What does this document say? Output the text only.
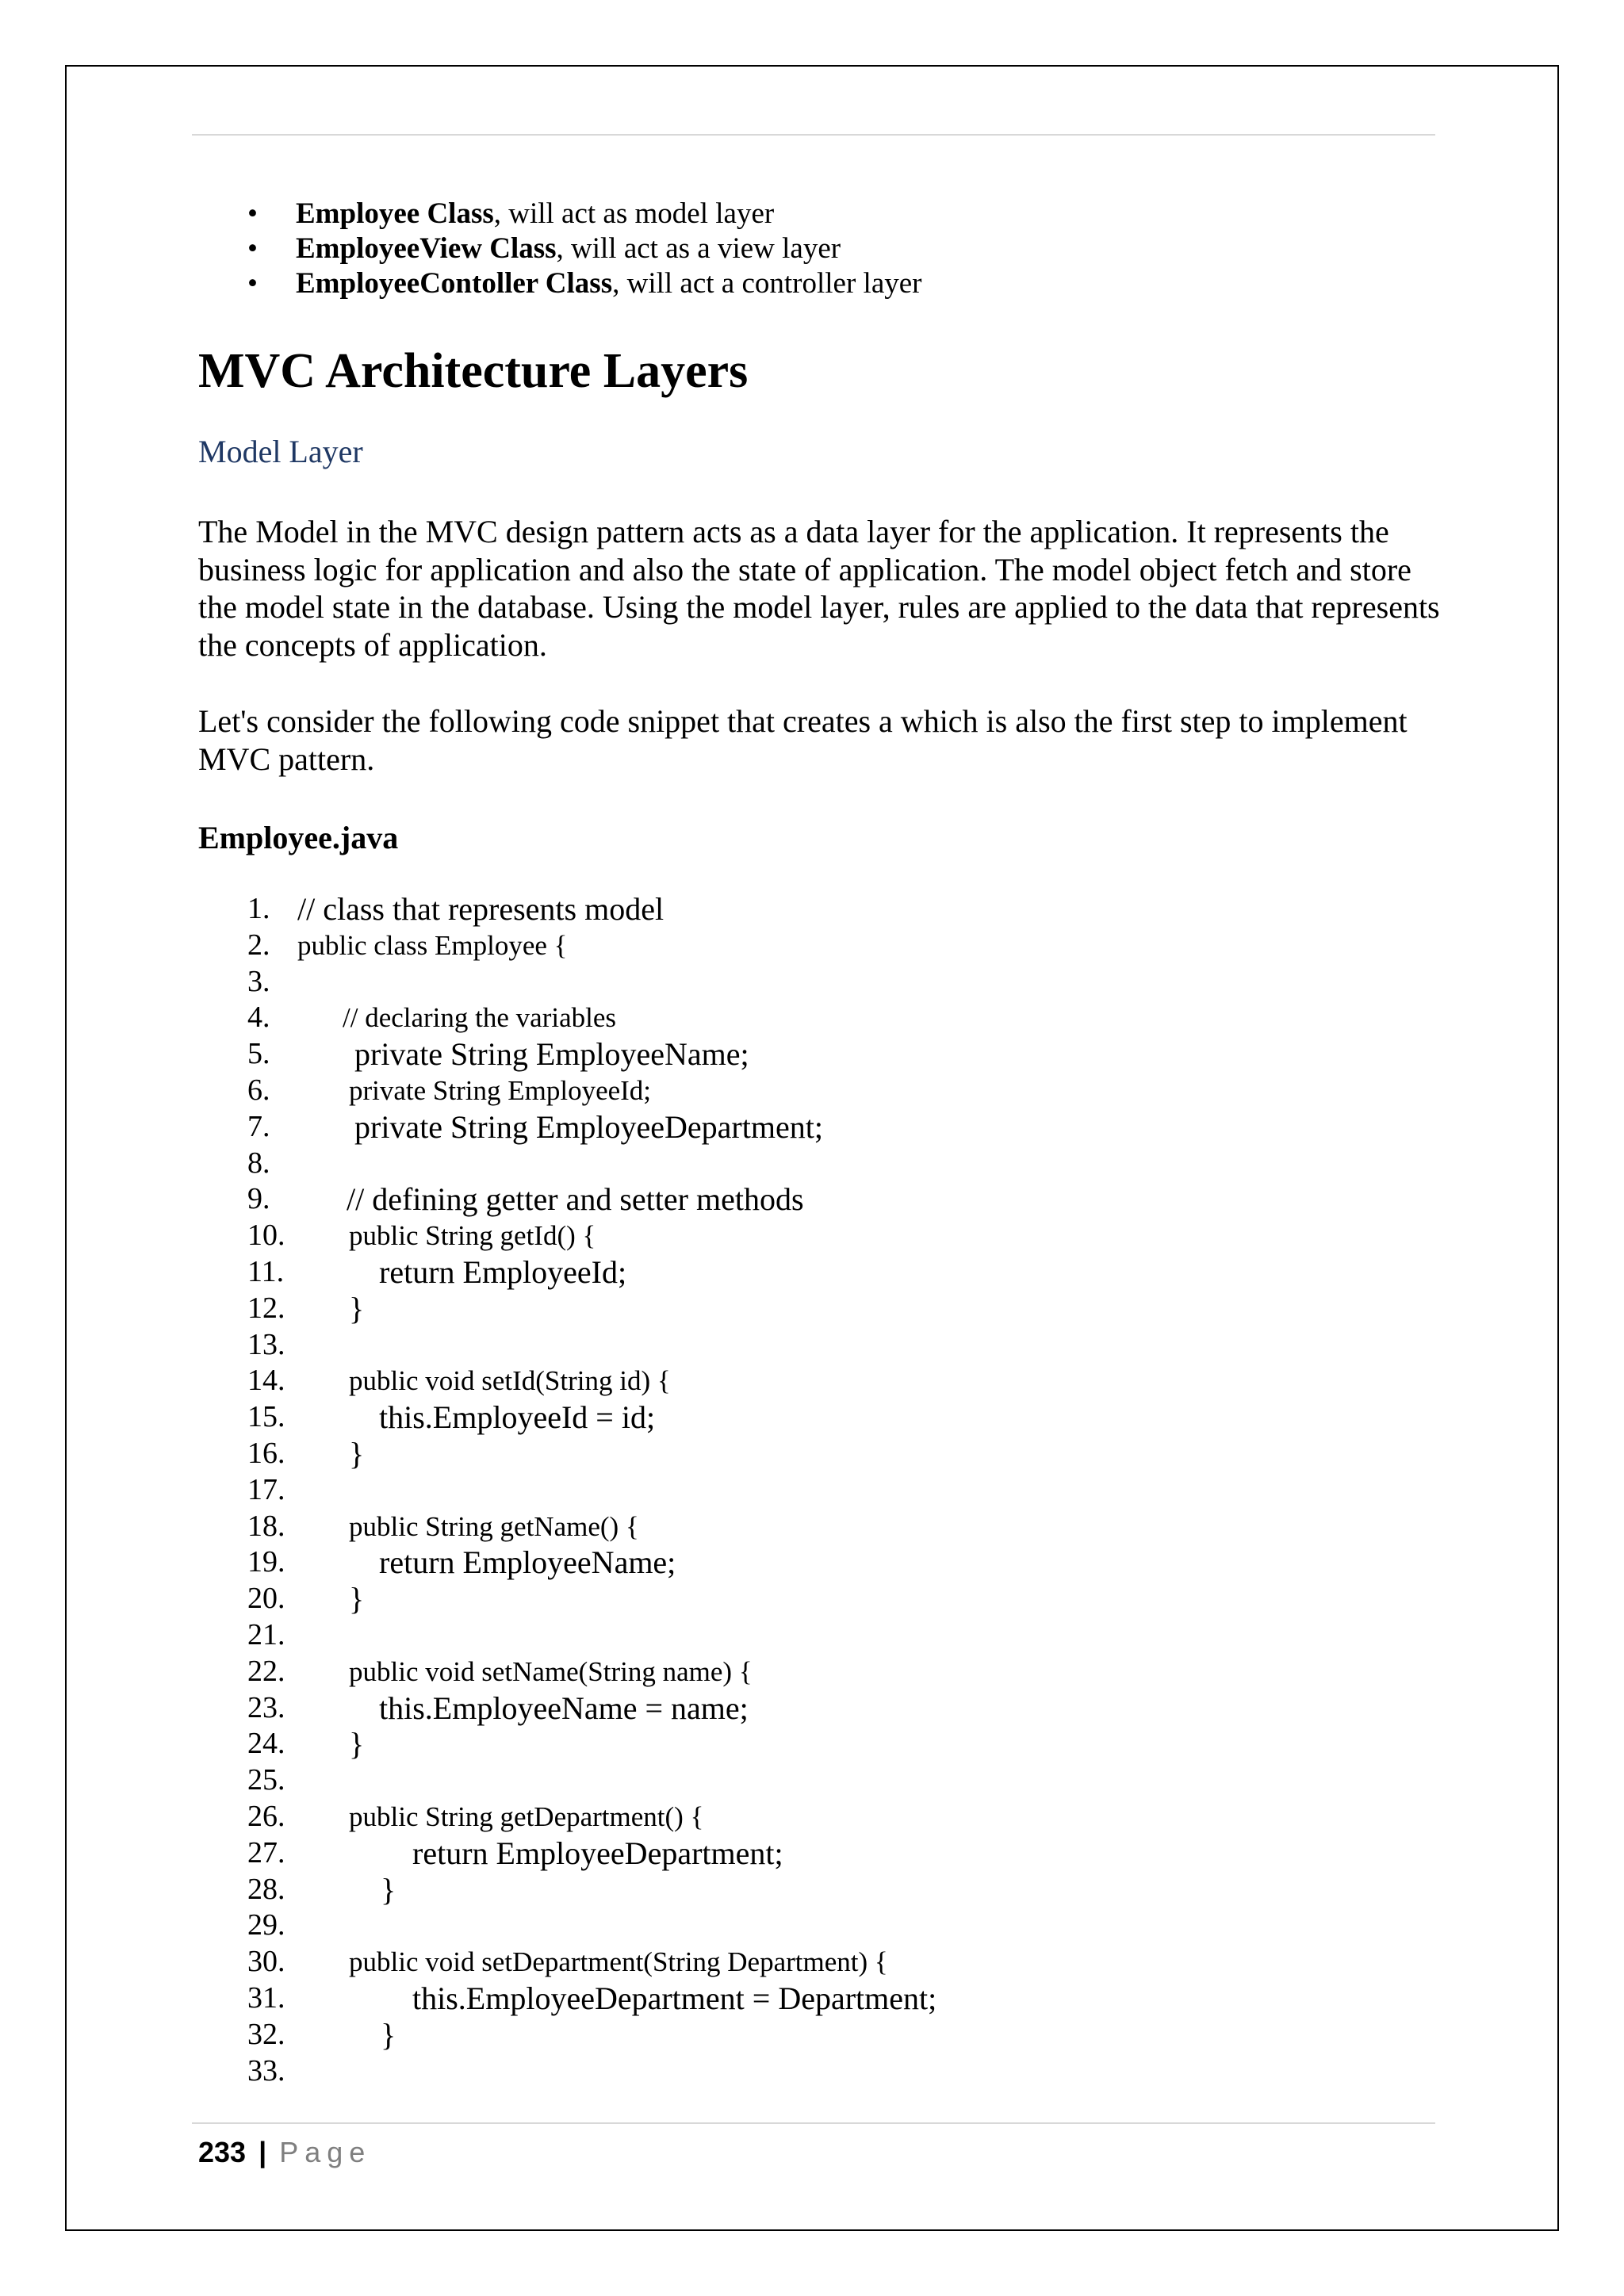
• Employee Class, will act as model layer
• EmployeeView Class, will act as a view layer
• EmployeeContoller Class, will act a controller layer
MVC Architecture Layers
Model Layer

The Model in the MVC design pattern acts as a data layer for the application. It represents the business logic for application and also the state of application. The model object fetch and store the model state in the database. Using the model layer, rules are applied to the data that represents the concepts of application.

Let's consider the following code snippet that creates a which is also the first step to implement MVC pattern.

Employee.java
1. // class that represents model
2. public class Employee {
3.
4.	// declaring the variables
5.	private String EmployeeName;
6.	private String EmployeeId;
7.	private String EmployeeDepartment;
8.
9. // defining getter and setter methods
10. public String getId() {
11.	return EmployeeId;
12. }
13.
14. public void setId(String id) {
15.	this.EmployeeId = id;
16. }
17.
18. public String getName() {
19.	return EmployeeName;
20. }
21.
22. public void setName(String name) {
23.	this.EmployeeName = name;
24. }
25.
26. public String getDepartment() {
27.	return EmployeeDepartment;
28.	}
29.
30. public void setDepartment(String Department) {
31.	this.EmployeeDepartment = Department;
32.	}
33.
233 | Page
